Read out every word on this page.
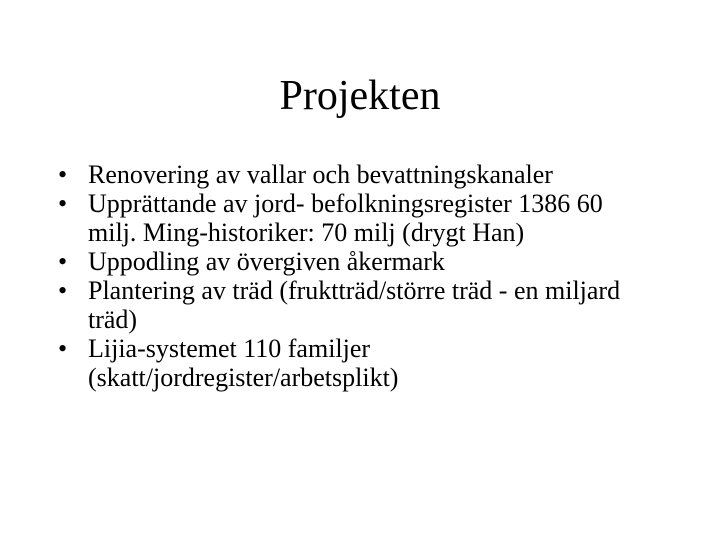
Projekten
• Renovering av vallar och bevattningskanaler
• Upprättande av jord- befolkningsregister 1386 60
milj. Ming-historiker: 70 milj (drygt Han)
• Uppodling av övergiven åkermark
• Plantering av träd (fruktträd/större träd - en miljard
träd)
• Lijia-systemet 110 familjer
(skatt/jordregister/arbetsplikt)
